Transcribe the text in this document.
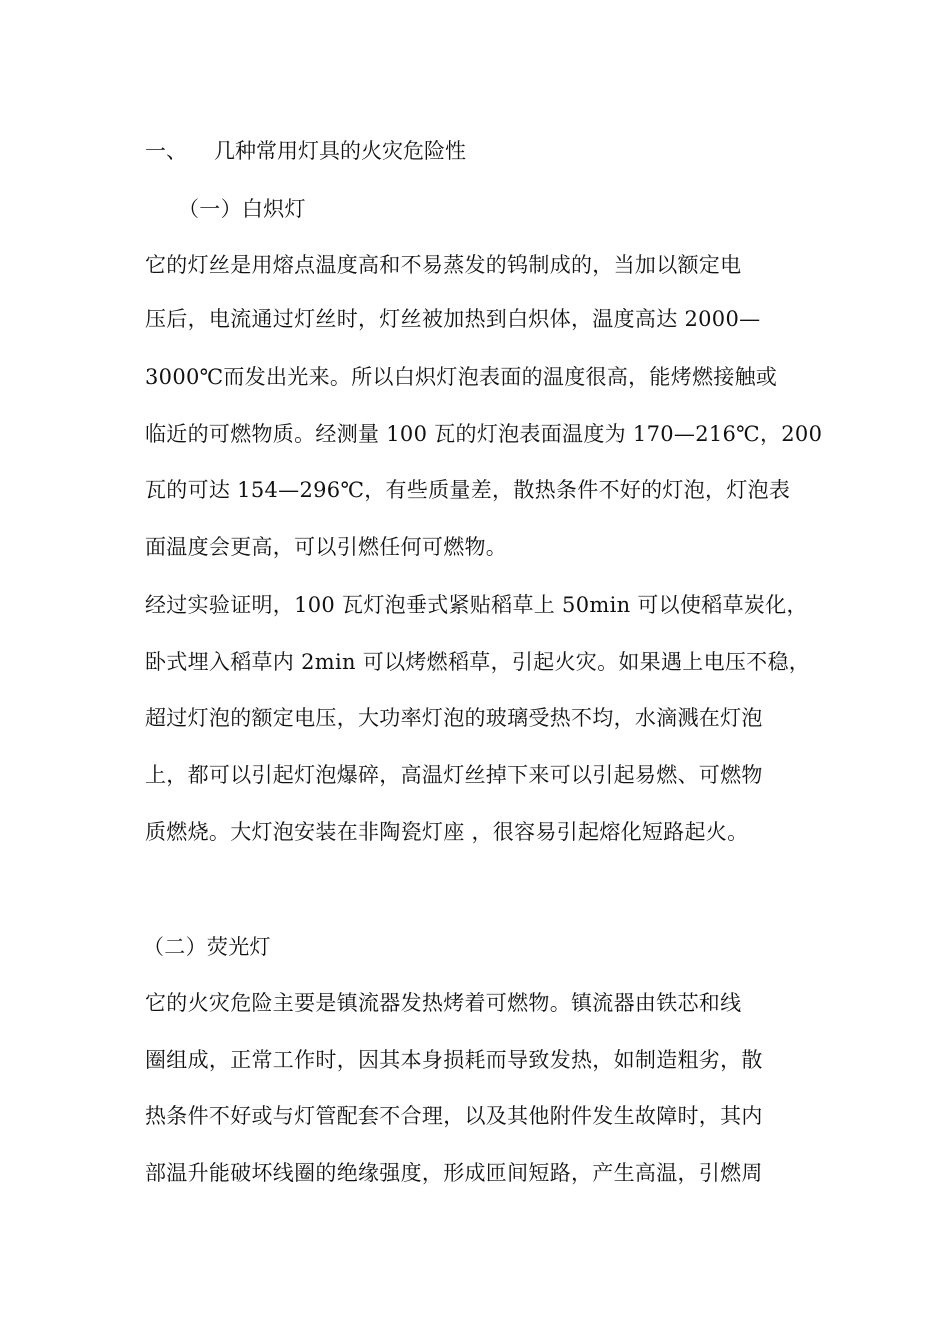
一、 几种常用灯具的火灾危险性
（一）白炽灯
它的灯丝是用熔点温度高和不易蒸发的钨制成的，当加以额定电
压后，电流通过灯丝时，灯丝被加热到白炽体，温度高达 2000—
3000℃而发出光来。所以白炽灯泡表面的温度很高，能烤燃接触或
临近的可燃物质。经测量 100 瓦的灯泡表面温度为 170—216℃，200
瓦的可达 154—296℃，有些质量差，散热条件不好的灯泡，灯泡表
面温度会更高，可以引燃任何可燃物。
经过实验证明，100 瓦灯泡垂式紧贴稻草上 50min 可以使稻草炭化，
卧式埋入稻草内 2min 可以烤燃稻草，引起火灾。如果遇上电压不稳，
超过灯泡的额定电压，大功率灯泡的玻璃受热不均，水滴溅在灯泡
上，都可以引起灯泡爆碎，高温灯丝掉下来可以引起易燃、可燃物
质燃烧。大灯泡安装在非陶瓷灯座 ，很容易引起熔化短路起火。
（二）荧光灯
它的火灾危险主要是镇流器发热烤着可燃物。镇流器由铁芯和线
圈组成，正常工作时，因其本身损耗而导致发热，如制造粗劣，散
热条件不好或与灯管配套不合理，以及其他附件发生故障时，其内
部温升能破坏线圈的绝缘强度，形成匝间短路，产生高温，引燃周
